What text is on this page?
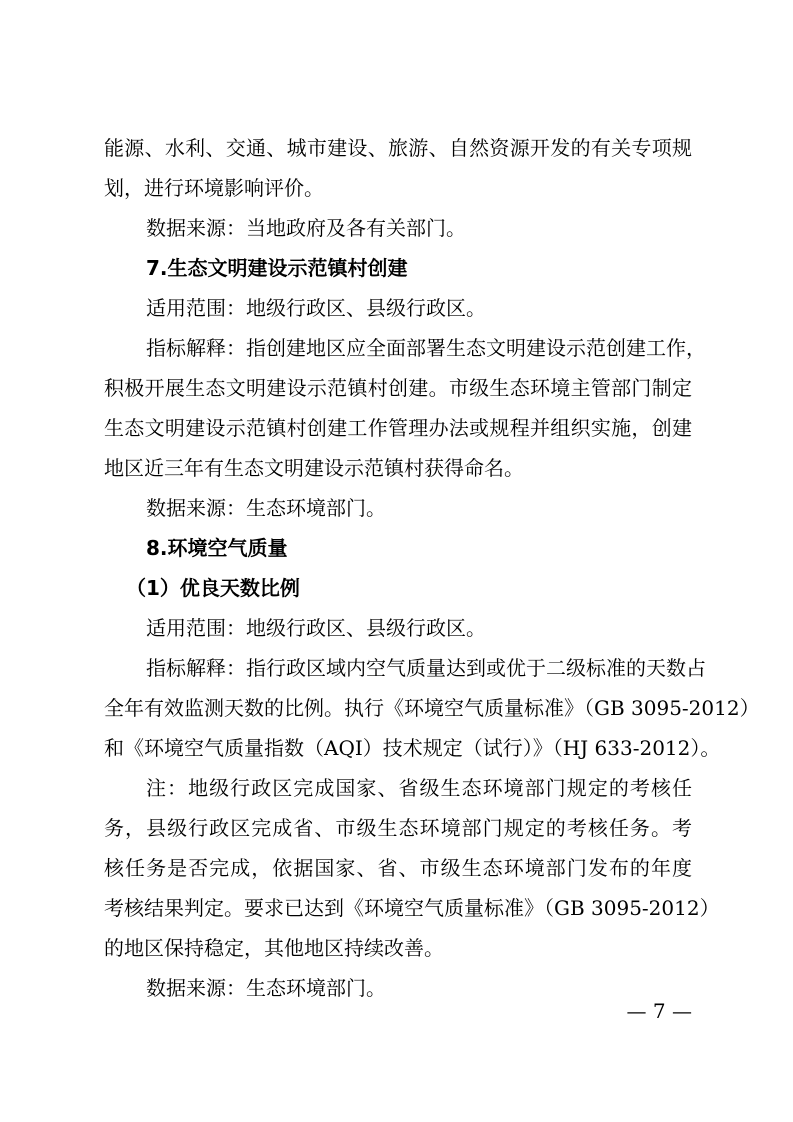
能源、水利、交通、城市建设、旅游、自然资源开发的有关专项规
划，进行环境影响评价。
数据来源：当地政府及各有关部门。
7.生态文明建设示范镇村创建
适用范围：地级行政区、县级行政区。
指标解释：指创建地区应全面部署生态文明建设示范创建工作，
积极开展生态文明建设示范镇村创建。市级生态环境主管部门制定
生态文明建设示范镇村创建工作管理办法或规程并组织实施，创建
地区近三年有生态文明建设示范镇村获得命名。
数据来源：生态环境部门。
8.环境空气质量
（1）优良天数比例
适用范围：地级行政区、县级行政区。
指标解释：指行政区域内空气质量达到或优于二级标准的天数占
全年有效监测天数的比例。执行《环境空气质量标准》（GB 3095-2012）
和《环境空气质量指数（AQI）技术规定（试行）》（HJ 633-2012）。
注：地级行政区完成国家、省级生态环境部门规定的考核任
务，县级行政区完成省、市级生态环境部门规定的考核任务。考
核任务是否完成，依据国家、省、市级生态环境部门发布的年度
考核结果判定。要求已达到《环境空气质量标准》（GB 3095-2012）
的地区保持稳定，其他地区持续改善。
数据来源：生态环境部门。
— 7 —
